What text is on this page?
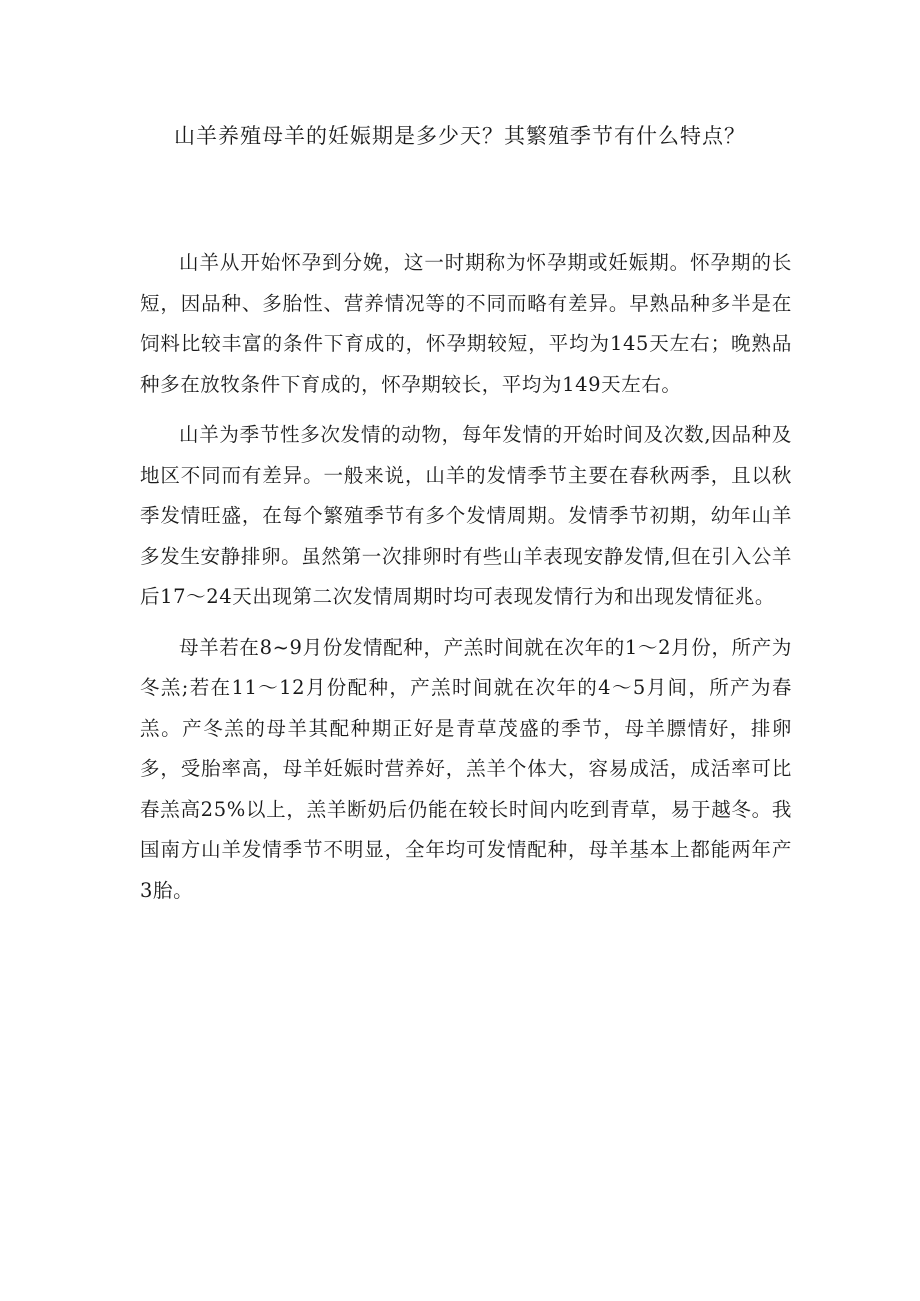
山羊养殖母羊的妊娠期是多少天？其繁殖季节有什么特点？

山羊从开始怀孕到分娩，这一时期称为怀孕期或妊娠期。怀孕期的长短，因品种、多胎性、营养情况等的不同而略有差异。早熟品种多半是在饲料比较丰富的条件下育成的，怀孕期较短，平均为145天左右；晚熟品种多在放牧条件下育成的，怀孕期较长，平均为149天左右。

山羊为季节性多次发情的动物，每年发情的开始时间及次数,因品种及地区不同而有差异。一般来说，山羊的发情季节主要在春秋两季，且以秋季发情旺盛，在每个繁殖季节有多个发情周期。发情季节初期，幼年山羊多发生安静排卵。虽然第一次排卵时有些山羊表现安静发情,但在引入公羊后17～24天出现第二次发情周期时均可表现发情行为和出现发情征兆。

母羊若在8~9月份发情配种，产羔时间就在次年的1～2月份，所产为冬羔;若在11～12月份配种，产羔时间就在次年的4～5月间，所产为春羔。产冬羔的母羊其配种期正好是青草茂盛的季节，母羊膘情好，排卵多，受胎率高，母羊妊娠时营养好，羔羊个体大，容易成活，成活率可比春羔高25%以上，羔羊断奶后仍能在较长时间内吃到青草，易于越冬。我国南方山羊发情季节不明显，全年均可发情配种，母羊基本上都能两年产3胎。
